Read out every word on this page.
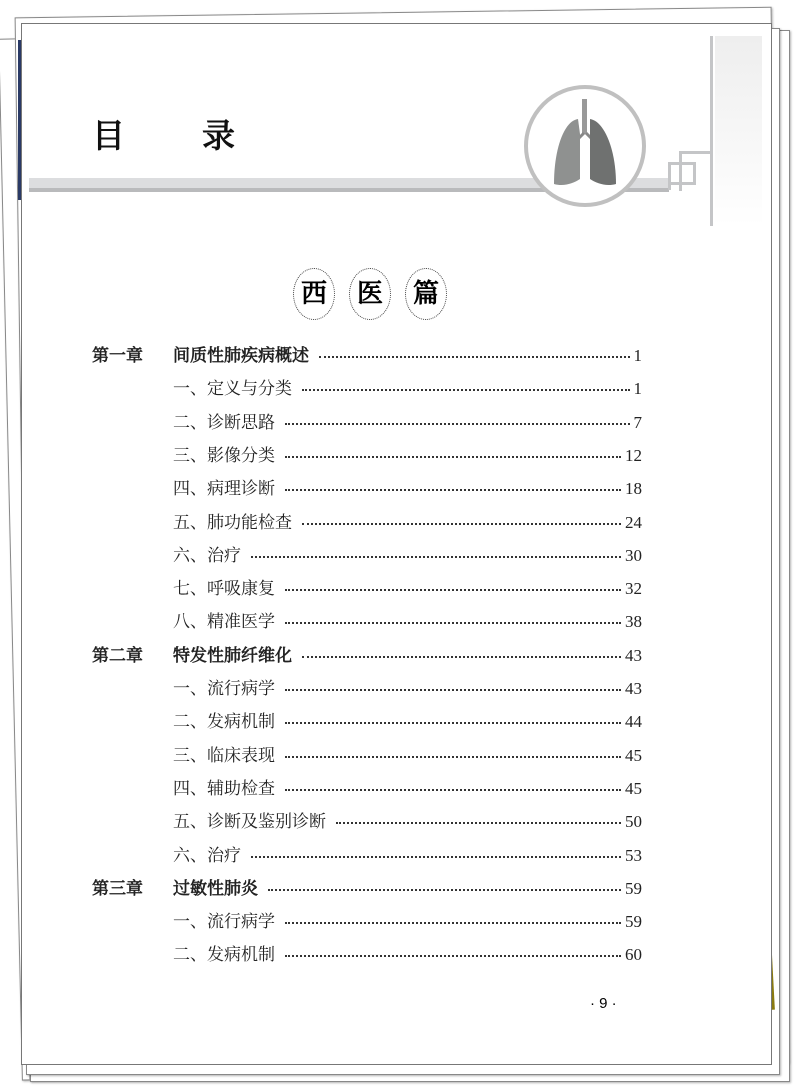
目　录
西 医 篇
第一章	间质性肺疾病概述	1
一、定义与分类	1
二、诊断思路	7
三、影像分类	12
四、病理诊断	18
五、肺功能检查	24
六、治疗	30
七、呼吸康复	32
八、精准医学	38
第二章	特发性肺纤维化	43
一、流行病学	43
二、发病机制	44
三、临床表现	45
四、辅助检查	45
五、诊断及鉴别诊断	50
六、治疗	53
第三章	过敏性肺炎	59
一、流行病学	59
二、发病机制	60
· 9 ·
